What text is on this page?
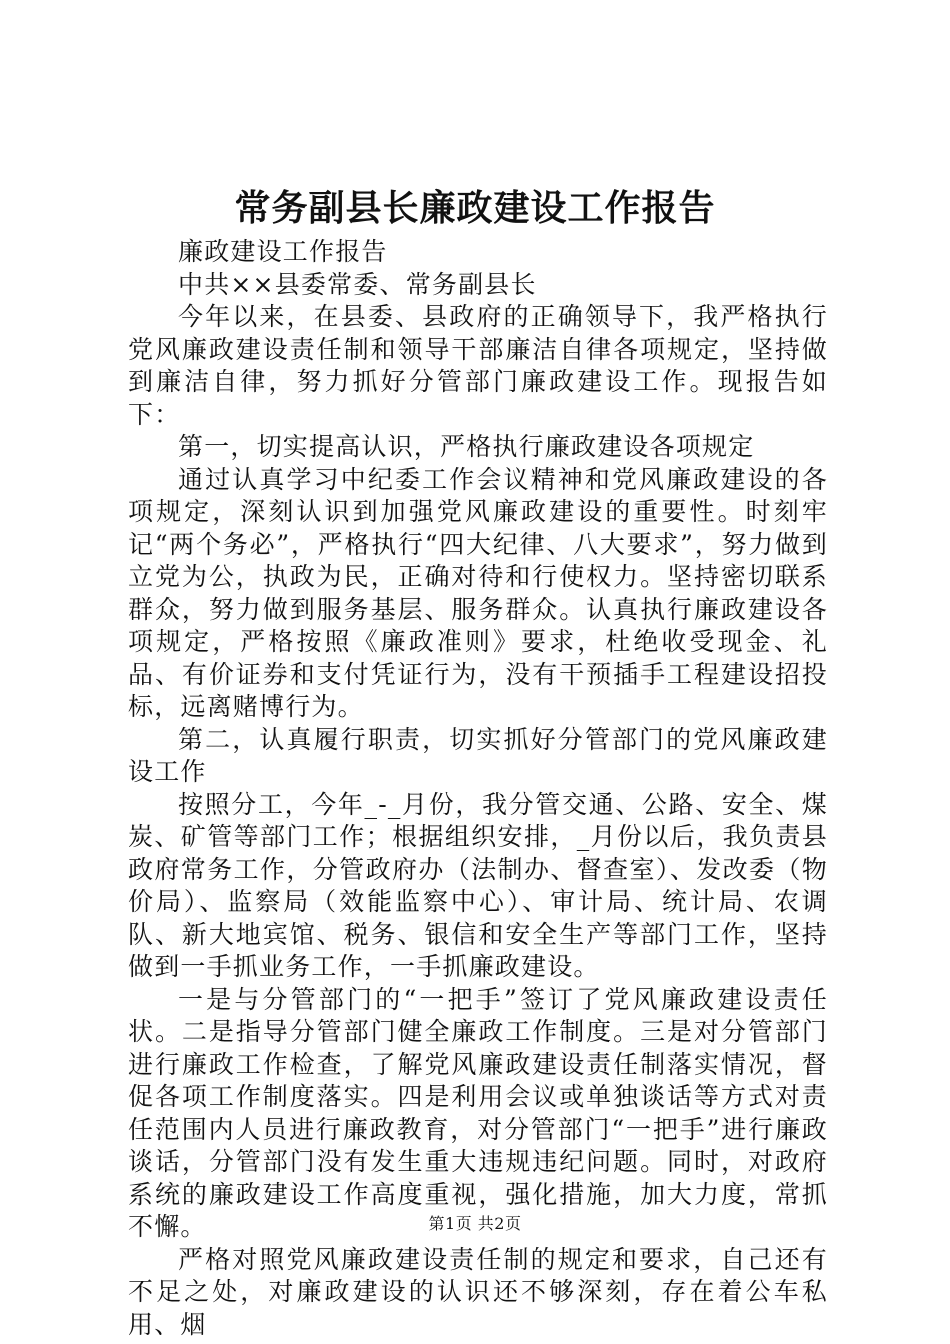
常务副县长廉政建设工作报告

廉政建设工作报告

中共××县委常委、常务副县长

今年以来，在县委、县政府的正确领导下，我严格执行党风廉政建设责任制和领导干部廉洁自律各项规定，坚持做到廉洁自律，努力抓好分管部门廉政建设工作。现报告如下：

第一，切实提高认识，严格执行廉政建设各项规定

通过认真学习中纪委工作会议精神和党风廉政建设的各项规定，深刻认识到加强党风廉政建设的重要性。时刻牢记“两个务必”，严格执行“四大纪律、八大要求”，努力做到立党为公，执政为民，正确对待和行使权力。坚持密切联系群众，努力做到服务基层、服务群众。认真执行廉政建设各项规定，严格按照《廉政准则》要求，杜绝收受现金、礼品、有价证券和支付凭证行为，没有干预插手工程建设招投标，远离赌博行为。

第二，认真履行职责，切实抓好分管部门的党风廉政建设工作

按照分工，今年_-_月份，我分管交通、公路、安全、煤炭、矿管等部门工作；根据组织安排，_月份以后，我负责县政府常务工作，分管政府办（法制办、督查室）、发改委（物价局）、监察局（效能监察中心）、审计局、统计局、农调队、新大地宾馆、税务、银信和安全生产等部门工作，坚持做到一手抓业务工作，一手抓廉政建设。

一是与分管部门的“一把手”签订了党风廉政建设责任状。二是指导分管部门健全廉政工作制度。三是对分管部门进行廉政工作检查，了解党风廉政建设责任制落实情况，督促各项工作制度落实。四是利用会议或单独谈话等方式对责任范围内人员进行廉政教育，对分管部门“一把手”进行廉政谈话，分管部门没有发生重大违规违纪问题。同时，对政府系统的廉政建设工作高度重视，强化措施，加大力度，常抓不懈。

严格对照党风廉政建设责任制的规定和要求，自己还有不足之处，对廉政建设的认识还不够深刻，存在着公车私用、烟

第1页 共2页
